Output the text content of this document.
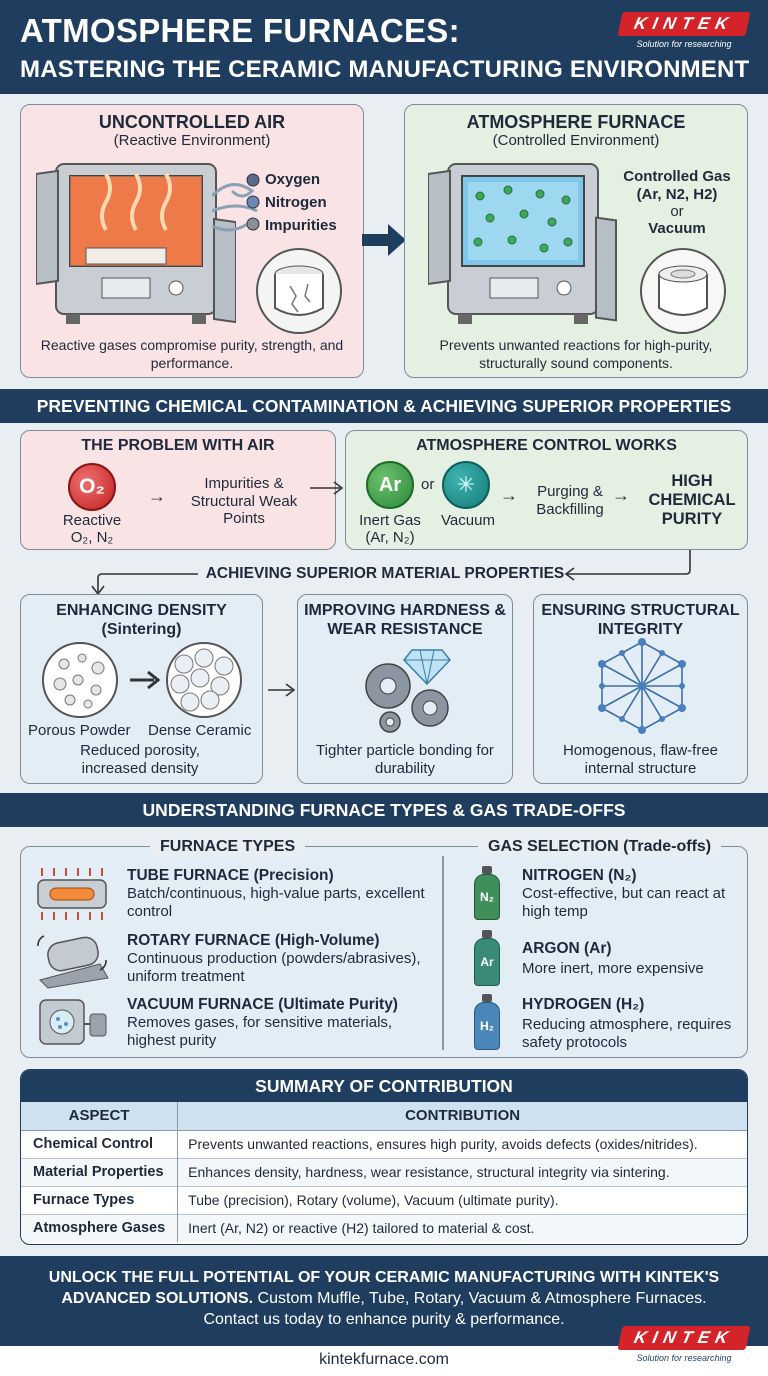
ATMOSPHERE FURNACES:
MASTERING THE CERAMIC MANUFACTURING ENVIRONMENT
KINTEK
Solution for researching
UNCONTROLLED AIR
(Reactive Environment)
Oxygen
Nitrogen
Impurities
Reactive gases compromise purity, strength, and performance.
ATMOSPHERE FURNACE
(Controlled Environment)
Controlled Gas
(Ar, N2, H2)
or
Vacuum
Prevents unwanted reactions for high-purity, structurally sound components.
PREVENTING CHEMICAL CONTAMINATION & ACHIEVING SUPERIOR PROPERTIES
THE PROBLEM WITH AIR
O₂
Reactive
O₂, N₂
→
Impurities & Structural Weak Points
ATMOSPHERE CONTROL WORKS
Ar	or	✳
Inert Gas
(Ar, N₂)
Vacuum
→	Purging & Backfilling
→
HIGH CHEMICAL PURITY
ACHIEVING SUPERIOR MATERIAL PROPERTIES
ENHANCING DENSITY (Sintering)
Porous Powder Dense Ceramic
Reduced porosity, increased density
IMPROVING HARDNESS & WEAR RESISTANCE
Tighter particle bonding for durability
ENSURING STRUCTURAL INTEGRITY
Homogenous, flaw-free internal structure
UNDERSTANDING FURNACE TYPES & GAS TRADE-OFFS
FURNACE TYPES	GAS SELECTION (Trade-offs)
TUBE FURNACE (Precision)
Batch/continuous, high-value parts, excellent control
ROTARY FURNACE (High-Volume)
Continuous production (powders/abrasives), uniform treatment
VACUUM FURNACE (Ultimate Purity)
Removes gases, for sensitive materials, highest purity
N₂
NITROGEN (N₂)
Cost-effective, but can react at high temp
Ar
ARGON (Ar)
More inert, more expensive
H₂
HYDROGEN (H₂)
Reducing atmosphere, requires safety protocols
SUMMARY OF CONTRIBUTION
ASPECT	CONTRIBUTION
Chemical Control	Prevents unwanted reactions, ensures high purity, avoids defects (oxides/nitrides).
Material Properties	Enhances density, hardness, wear resistance, structural integrity via sintering.
Furnace Types	Tube (precision), Rotary (volume), Vacuum (ultimate purity).
Atmosphere Gases	Inert (Ar, N2) or reactive (H2) tailored to material & cost.
UNLOCK THE FULL POTENTIAL OF YOUR CERAMIC MANUFACTURING WITH KINTEK'S
ADVANCED SOLUTIONS. Custom Muffle, Tube, Rotary, Vacuum & Atmosphere Furnaces.
Contact us today to enhance purity & performance.
kintekfurnace.com
KINTEK
Solution for researching
